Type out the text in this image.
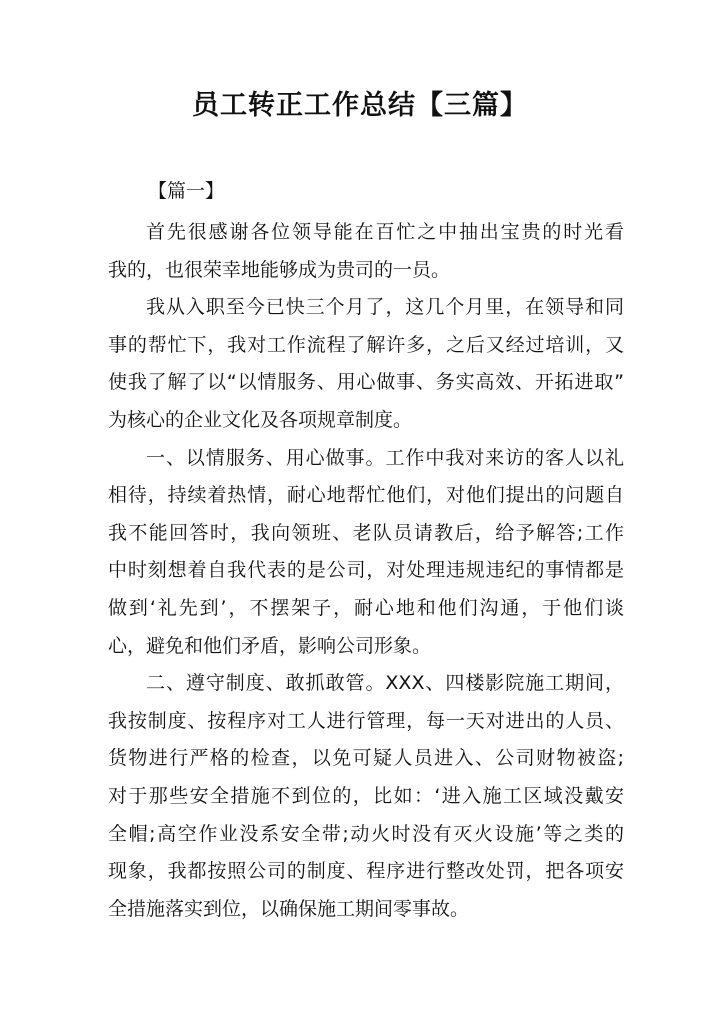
员工转正工作总结【三篇】
【篇一】
首先很感谢各位领导能在百忙之中抽出宝贵的时光看
我的，也很荣幸地能够成为贵司的一员。
我从入职至今已快三个月了，这几个月里，在领导和同
事的帮忙下，我对工作流程了解许多，之后又经过培训，又
使我了解了以“以情服务、用心做事、务实高效、开拓进取”
为核心的企业文化及各项规章制度。
一、以情服务、用心做事。工作中我对来访的客人以礼
相待，持续着热情，耐心地帮忙他们，对他们提出的问题自
我不能回答时，我向领班、老队员请教后，给予解答;工作
中时刻想着自我代表的是公司，对处理违规违纪的事情都是
做到‘礼先到’，不摆架子，耐心地和他们沟通，于他们谈
心，避免和他们矛盾，影响公司形象。
二、遵守制度、敢抓敢管。XXX、四楼影院施工期间，
我按制度、按程序对工人进行管理，每一天对进出的人员、
货物进行严格的检查，以免可疑人员进入、公司财物被盗;
对于那些安全措施不到位的，比如：‘进入施工区域没戴安
全帽;高空作业没系安全带;动火时没有灭火设施’等之类的
现象，我都按照公司的制度、程序进行整改处罚，把各项安
全措施落实到位，以确保施工期间零事故。
